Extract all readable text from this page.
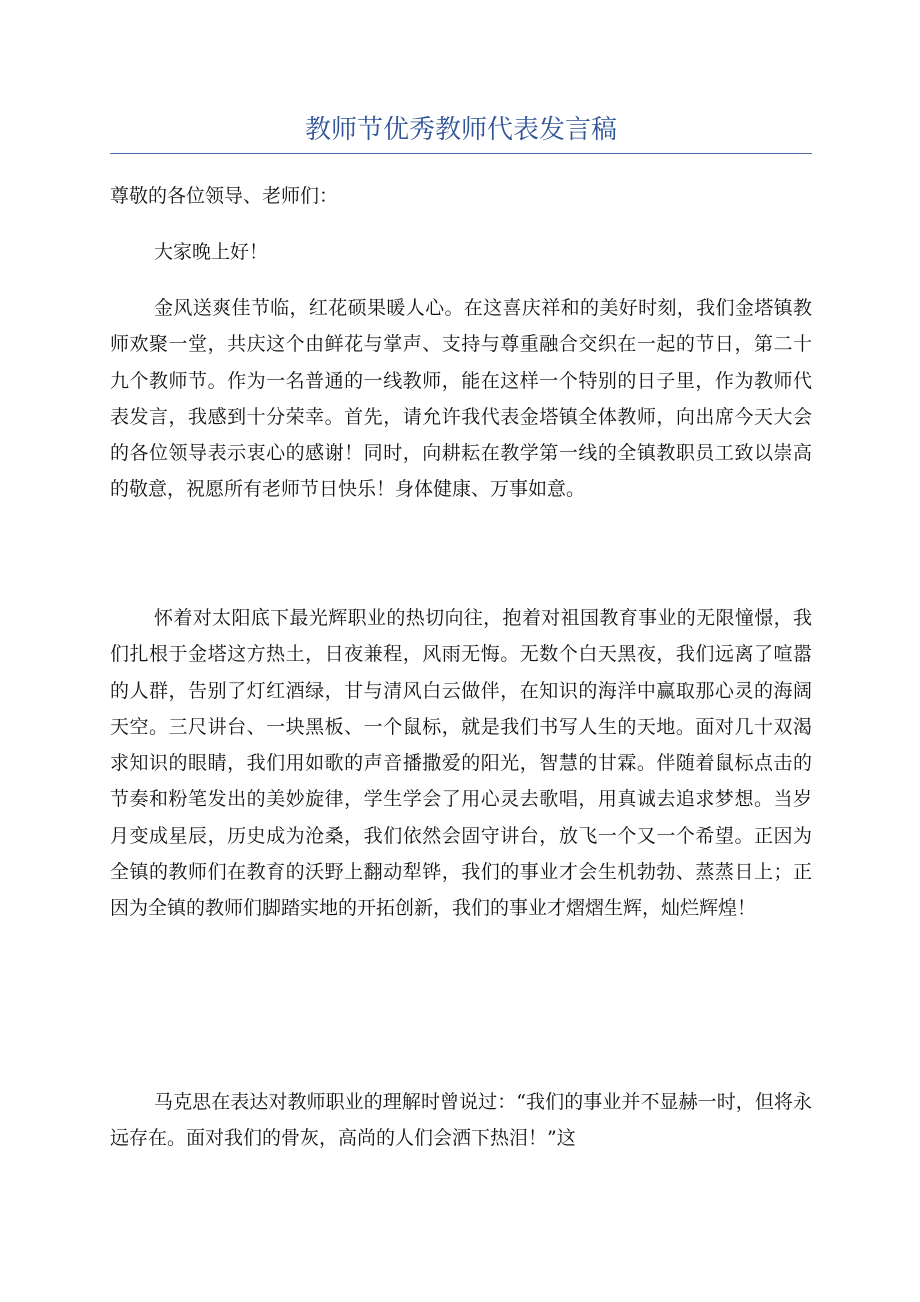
教师节优秀教师代表发言稿

尊敬的各位领导、老师们：

大家晚上好！

金风送爽佳节临，红花硕果暖人心。在这喜庆祥和的美好时刻，我们金塔镇教师欢聚一堂，共庆这个由鲜花与掌声、支持与尊重融合交织在一起的节日，第二十九个教师节。作为一名普通的一线教师，能在这样一个特别的日子里，作为教师代表发言，我感到十分荣幸。首先，请允许我代表金塔镇全体教师，向出席今天大会的各位领导表示衷心的感谢！同时，向耕耘在教学第一线的全镇教职员工致以崇高的敬意，祝愿所有老师节日快乐！身体健康、万事如意。

怀着对太阳底下最光辉职业的热切向往，抱着对祖国教育事业的无限憧憬，我们扎根于金塔这方热土，日夜兼程，风雨无悔。无数个白天黑夜，我们远离了喧嚣的人群，告别了灯红酒绿，甘与清风白云做伴，在知识的海洋中赢取那心灵的海阔天空。三尺讲台、一块黑板、一个鼠标，就是我们书写人生的天地。面对几十双渴求知识的眼睛，我们用如歌的声音播撒爱的阳光，智慧的甘霖。伴随着鼠标点击的节奏和粉笔发出的美妙旋律，学生学会了用心灵去歌唱，用真诚去追求梦想。当岁月变成星辰，历史成为沧桑，我们依然会固守讲台，放飞一个又一个希望。正因为全镇的教师们在教育的沃野上翻动犁铧，我们的事业才会生机勃勃、蒸蒸日上；正因为全镇的教师们脚踏实地的开拓创新，我们的事业才熠熠生辉，灿烂辉煌！

马克思在表达对教师职业的理解时曾说过：“我们的事业并不显赫一时，但将永远存在。面对我们的骨灰，高尚的人们会洒下热泪！”这
